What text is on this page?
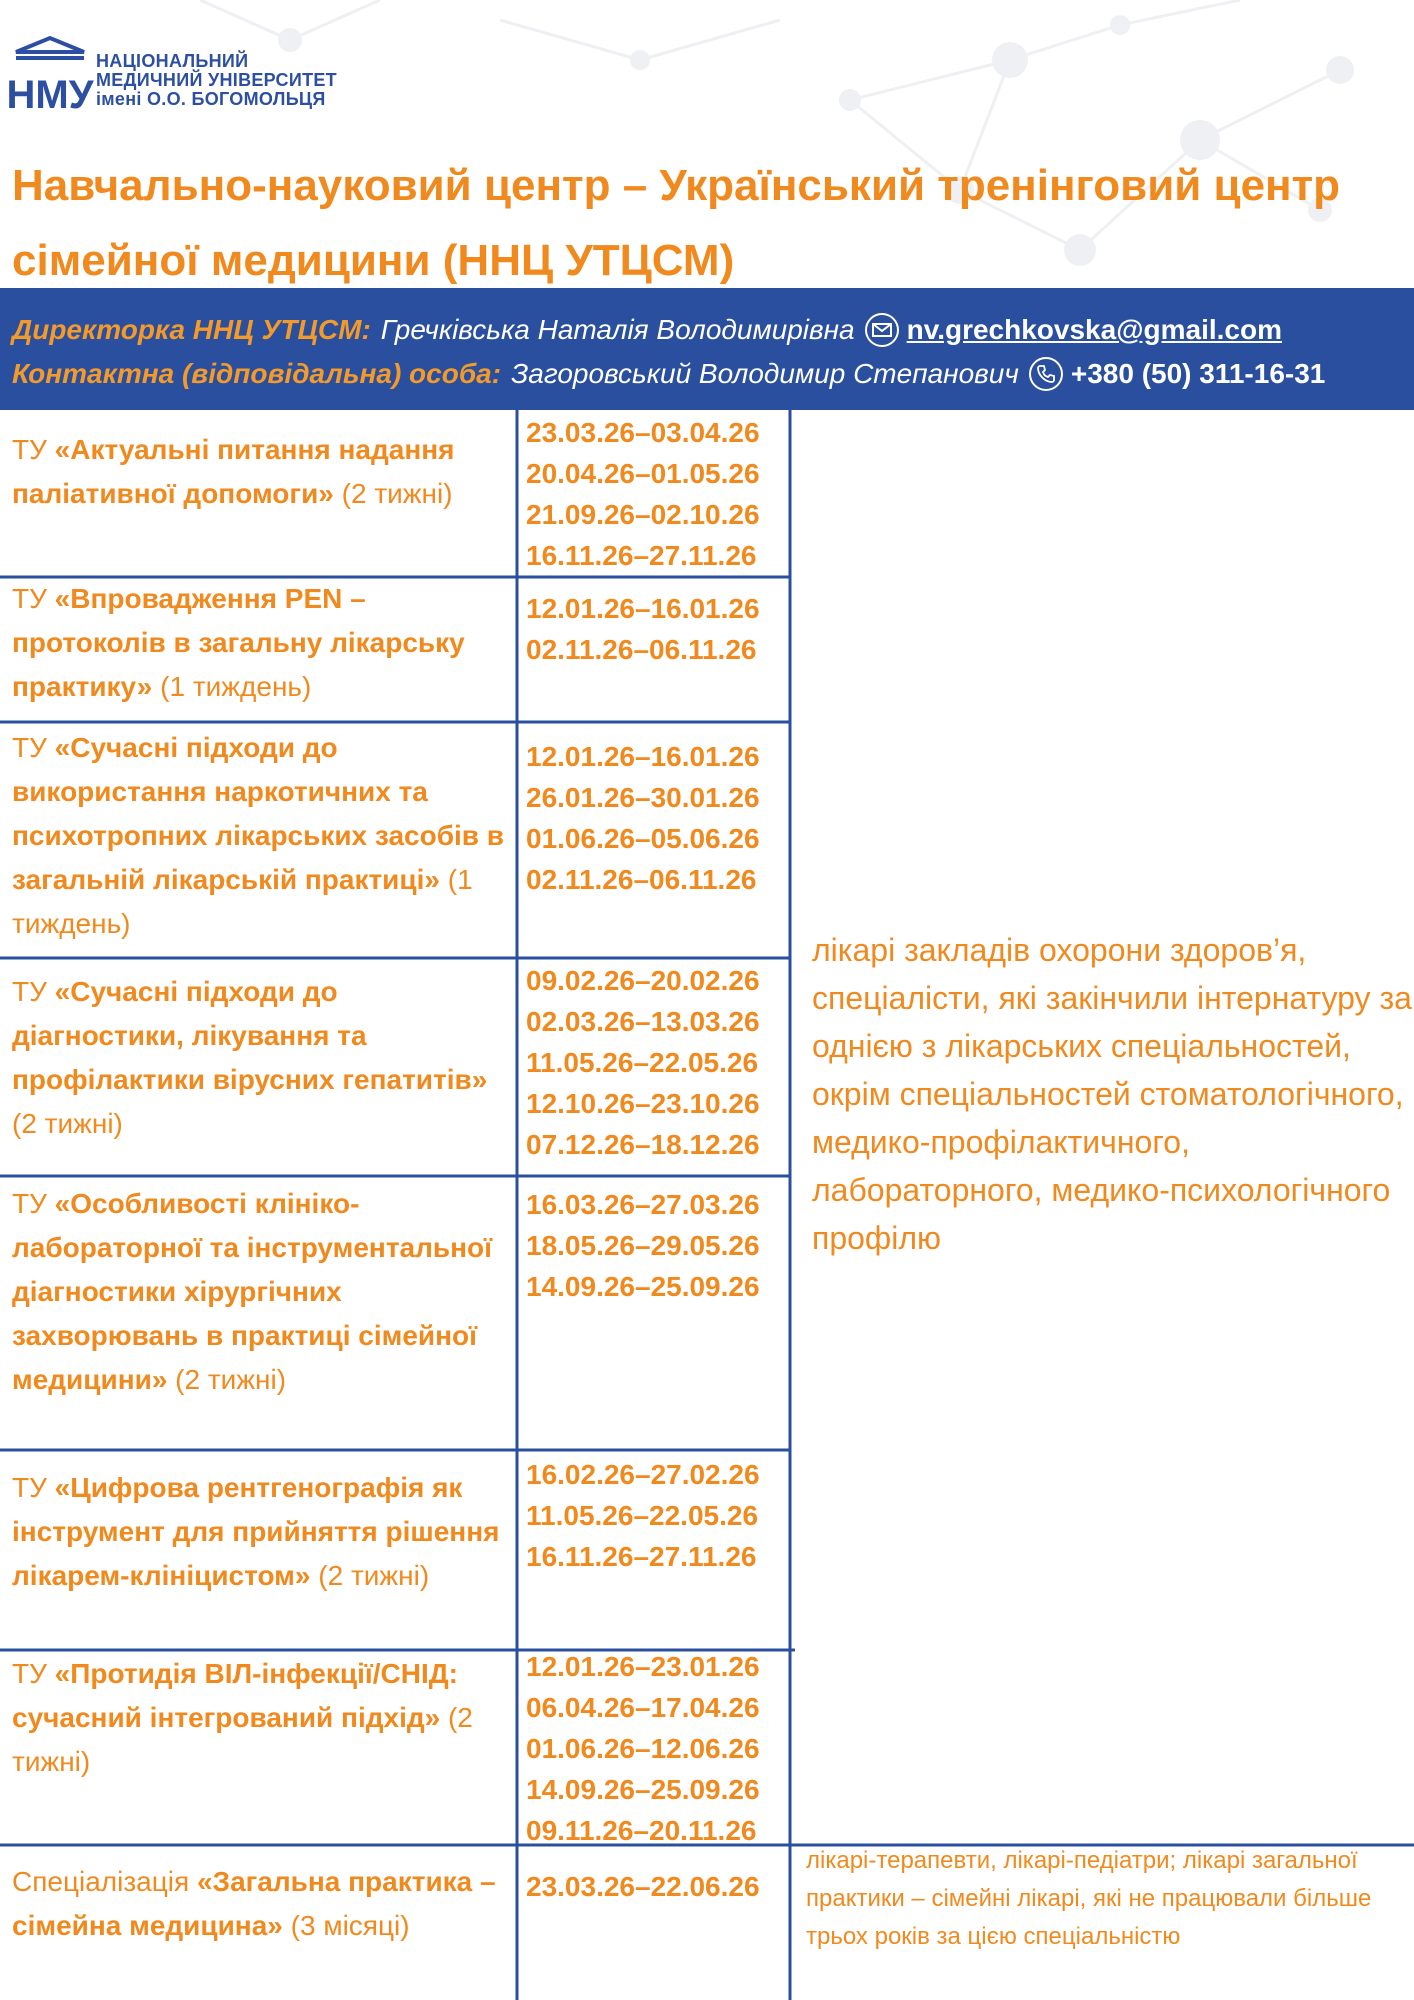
НМУ
НАЦІОНАЛЬНИЙ
МЕДИЧНИЙ УНІВЕРСИТЕТ
імені О.О. БОГОМОЛЬЦЯ
Навчально-науковий центр – Український тренінговий центр сімейної медицини (ННЦ УТЦСМ)
Директорка ННЦ УТЦСМ: Гречківська Наталія Володимирівна nv.grechkovska@gmail.com
Контактна (відповідальна) особа: Загоровський Володимир Степанович +380 (50) 311-16-31
ТУ «Актуальні питання надання паліативної допомоги» (2 тижні)
23.03.26–03.04.26
20.04.26–01.05.26
21.09.26–02.10.26
16.11.26–27.11.26
ТУ «Впровадження PEN – протоколів в загальну лікарську практику» (1 тиждень)
12.01.26–16.01.26
02.11.26–06.11.26
ТУ «Сучасні підходи до використання наркотичних та психотропних лікарських засобів в загальній лікарській практиці» (1 тиждень)
12.01.26–16.01.26
26.01.26–30.01.26
01.06.26–05.06.26
02.11.26–06.11.26
ТУ «Сучасні підходи до діагностики, лікування та профілактики вірусних гепатитів» (2 тижні)
09.02.26–20.02.26
02.03.26–13.03.26
11.05.26–22.05.26
12.10.26–23.10.26
07.12.26–18.12.26
ТУ «Особливості клініко-лабораторної та інструментальної діагностики хірургічних захворювань в практиці сімейної медицини» (2 тижні)
16.03.26–27.03.26
18.05.26–29.05.26
14.09.26–25.09.26
ТУ «Цифрова рентгенографія як інструмент для прийняття рішення лікарем-клініцистом» (2 тижні)
16.02.26–27.02.26
11.05.26–22.05.26
16.11.26–27.11.26
ТУ «Протидія ВІЛ-інфекції/СНІД: сучасний інтегрований підхід» (2 тижні)
12.01.26–23.01.26
06.04.26–17.04.26
01.06.26–12.06.26
14.09.26–25.09.26
09.11.26–20.11.26
Спеціалізація «Загальна практика – сімейна медицина» (3 місяці)
23.03.26–22.06.26
лікарі закладів охорони здоров’я, спеціалісти, які закінчили інтернатуру за однією з лікарських спеціальностей, окрім спеціальностей стоматологічного, медико-профілактичного, лабораторного, медико-психологічного профілю
лікарі-терапевти, лікарі-педіатри; лікарі загальної практики – сімейні лікарі, які не працювали більше трьох років за цією спеціальністю
